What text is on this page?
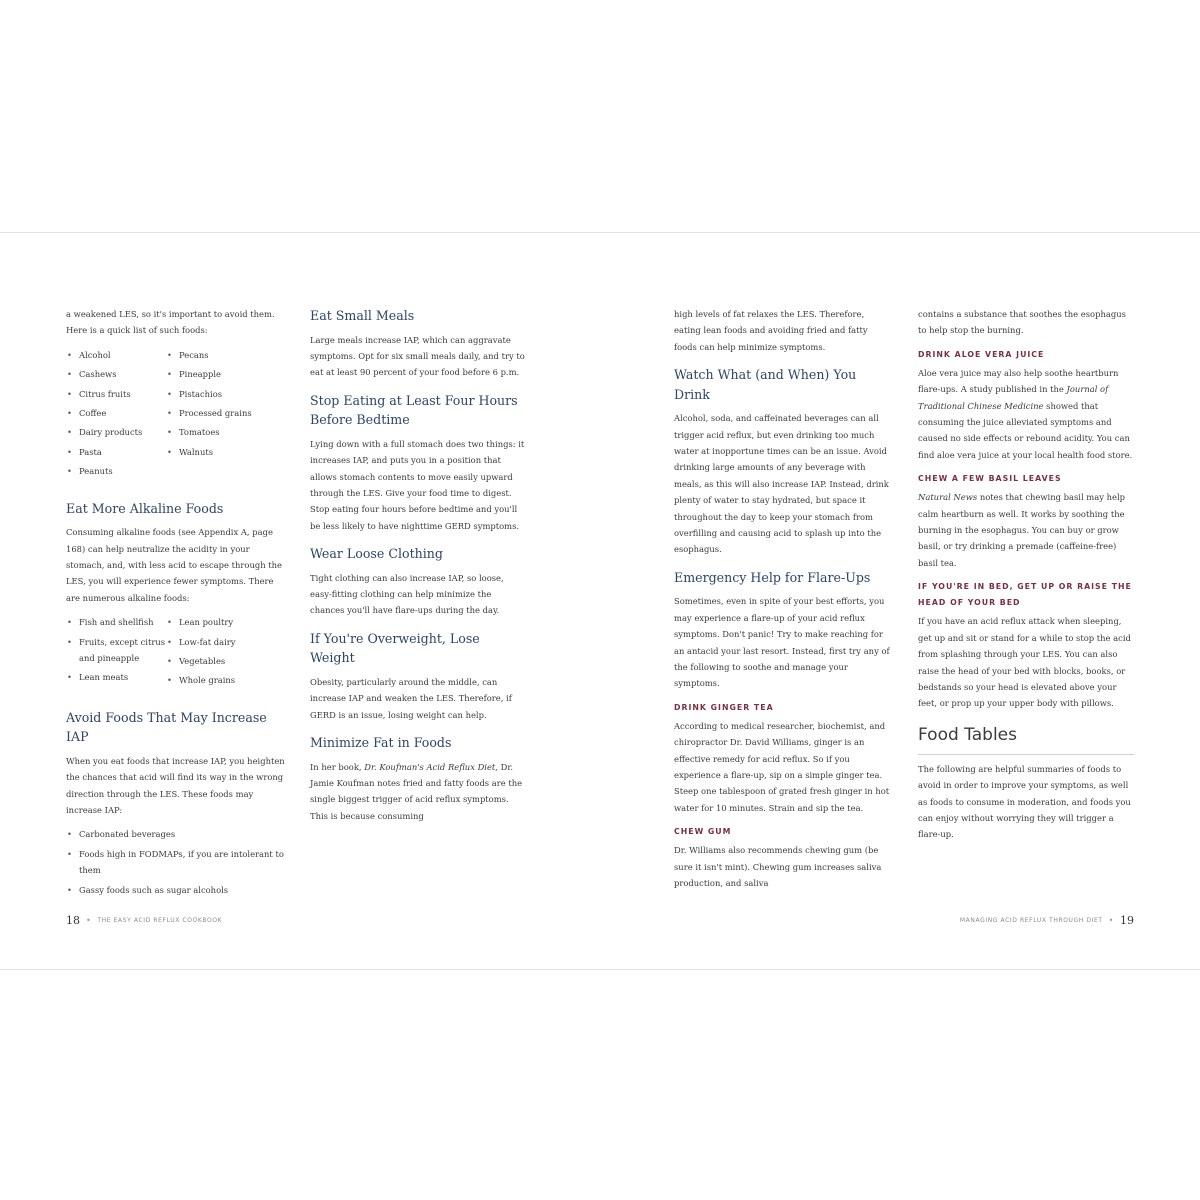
a weakened LES, so it's important to avoid them. Here is a quick list of such foods:

• Alcohol
• Cashews
• Citrus fruits
• Coffee
• Dairy products
• Pasta
• Peanuts
• Pecans
• Pineapple
• Pistachios
• Processed grains
• Tomatoes
• Walnuts
Eat More Alkaline Foods

Consuming alkaline foods (see Appendix A, page 168) can help neutralize the acidity in your stomach, and, with less acid to escape through the LES, you will experience fewer symptoms. There are numerous alkaline foods:

• Fish and shellfish
• Fruits, except citrus and pineapple
• Lean meats
• Lean poultry
• Low-fat dairy
• Vegetables
• Whole grains
Avoid Foods That May Increase IAP

When you eat foods that increase IAP, you heighten the chances that acid will find its way in the wrong direction through the LES. These foods may increase IAP:

• Carbonated beverages
• Foods high in FODMAPs, if you are intolerant to them
• Gassy foods such as sugar alcohols
Eat Small Meals

Large meals increase IAP, which can aggravate symptoms. Opt for six small meals daily, and try to eat at least 90 percent of your food before 6 p.m.

Stop Eating at Least Four Hours Before Bedtime

Lying down with a full stomach does two things: it increases IAP, and puts you in a position that allows stomach contents to move easily upward through the LES. Give your food time to digest. Stop eating four hours before bedtime and you'll be less likely to have nighttime GERD symptoms.

Wear Loose Clothing

Tight clothing can also increase IAP, so loose, easy-fitting clothing can help minimize the chances you'll have flare-ups during the day.

If You're Overweight, Lose Weight

Obesity, particularly around the middle, can increase IAP and weaken the LES. Therefore, if GERD is an issue, losing weight can help.

Minimize Fat in Foods

In her book, Dr. Koufman's Acid Reflux Diet, Dr. Jamie Koufman notes fried and fatty foods are the single biggest trigger of acid reflux symptoms. This is because consuming

high levels of fat relaxes the LES. Therefore, eating lean foods and avoiding fried and fatty foods can help minimize symptoms.

Watch What (and When) You Drink

Alcohol, soda, and caffeinated beverages can all trigger acid reflux, but even drinking too much water at inopportune times can be an issue. Avoid drinking large amounts of any beverage with meals, as this will also increase IAP. Instead, drink plenty of water to stay hydrated, but space it throughout the day to keep your stomach from overfilling and causing acid to splash up into the esophagus.

Emergency Help for Flare-Ups

Sometimes, even in spite of your best efforts, you may experience a flare-up of your acid reflux symptoms. Don't panic! Try to make reaching for an antacid your last resort. Instead, first try any of the following to soothe and manage your symptoms.

DRINK GINGER TEA

According to medical researcher, biochemist, and chiropractor Dr. David Williams, ginger is an effective remedy for acid reflux. So if you experience a flare-up, sip on a simple ginger tea. Steep one tablespoon of grated fresh ginger in hot water for 10 minutes. Strain and sip the tea.

CHEW GUM

Dr. Williams also recommends chewing gum (be sure it isn't mint). Chewing gum increases saliva production, and saliva

contains a substance that soothes the esophagus to help stop the burning.

DRINK ALOE VERA JUICE

Aloe vera juice may also help soothe heartburn flare-ups. A study published in the Journal of Traditional Chinese Medicine showed that consuming the juice alleviated symptoms and caused no side effects or rebound acidity. You can find aloe vera juice at your local health food store.

CHEW A FEW BASIL LEAVES

Natural News notes that chewing basil may help calm heartburn as well. It works by soothing the burning in the esophagus. You can buy or grow basil, or try drinking a premade (caffeine-free) basil tea.

IF YOU'RE IN BED, GET UP OR RAISE THE HEAD OF YOUR BED

If you have an acid reflux attack when sleeping, get up and sit or stand for a while to stop the acid from splashing through your LES. You can also raise the head of your bed with blocks, books, or bedstands so your head is elevated above your feet, or prop up your upper body with pillows.

Food Tables

The following are helpful summaries of foods to avoid in order to improve your symptoms, as well as foods to consume in moderation, and foods you can enjoy without worrying they will trigger a flare-up.

18 • THE EASY ACID REFLUX COOKBOOK	MANAGING ACID REFLUX THROUGH DIET • 19
